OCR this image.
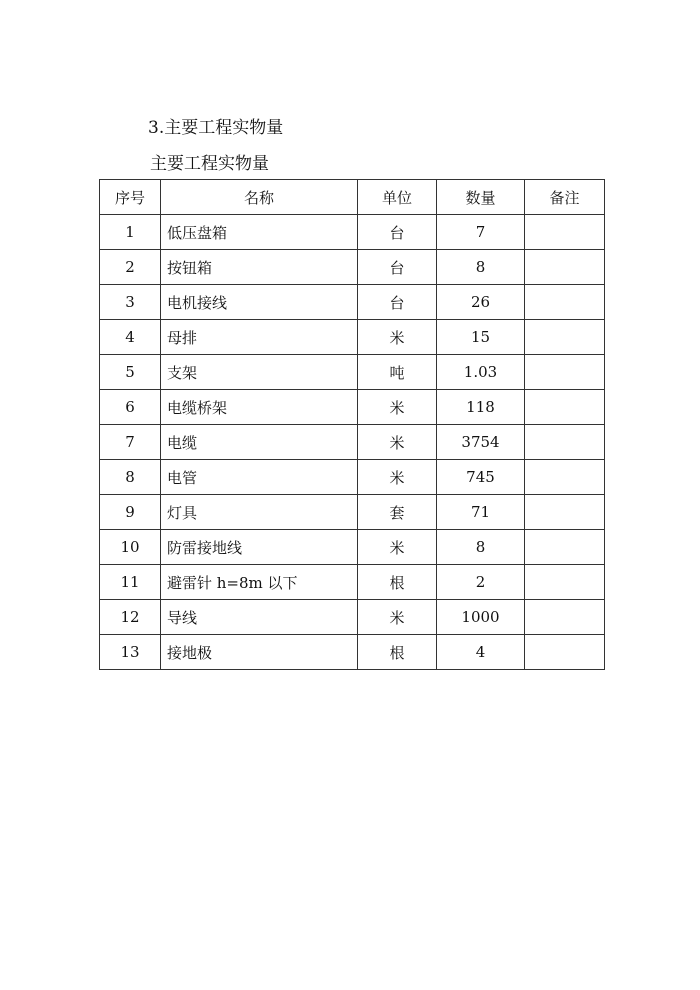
3.主要工程实物量
主要工程实物量
序号	名称	单位	数量	备注
1	低压盘箱	台	7	
2	按钮箱	台	8	
3	电机接线	台	26	
4	母排	米	15	
5	支架	吨	1.03	
6	电缆桥架	米	118	
7	电缆	米	3754	
8	电管	米	745	
9	灯具	套	71	
10	防雷接地线	米	8	
11	避雷针 h=8m 以下	根	2	
12	导线	米	1000	
13	接地极	根	4	
